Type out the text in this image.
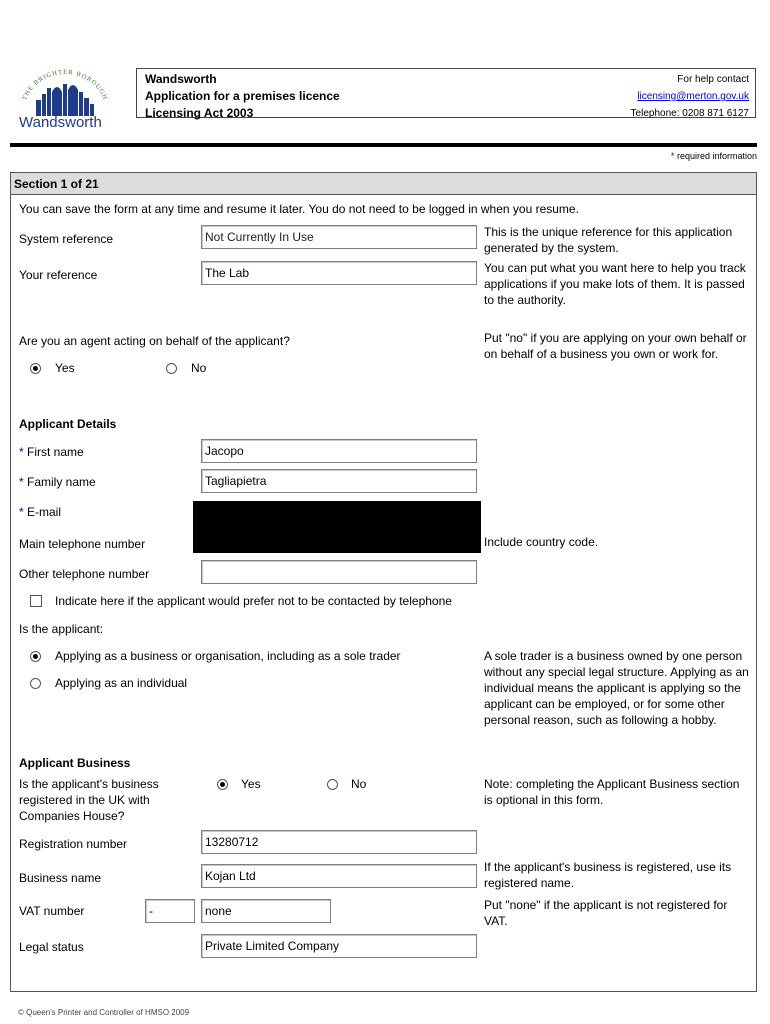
THE BRIGHTER BOROUGH
Wandsworth
Wandsworth
Application for a premises licence
Licensing Act 2003
For help contact
licensing@merton.gov.uk
Telephone: 0208 871 6127
* required information
Section 1 of 21
You can save the form at any time and resume it later. You do not need to be logged in when you resume.
System reference	Not Currently In Use	This is the unique reference for this application generated by the system.
Your reference	The Lab	You can put what you want here to help you track applications if you make lots of them. It is passed to the authority.
Are you an agent acting on behalf of the applicant?
Yes	No
Put "no" if you are applying on your own behalf or on behalf of a business you own or work for.
Applicant Details
* First name	Jacopo
* Family name	Tagliapietra
* E-mail
Main telephone number	Include country code.
Other telephone number
Indicate here if the applicant would prefer not to be contacted by telephone
Is the applicant:
Applying as a business or organisation, including as a sole trader
Applying as an individual
A sole trader is a business owned by one person without any special legal structure. Applying as an individual means the applicant is applying so the applicant can be employed, or for some other personal reason, such as following a hobby.
Applicant Business
Is the applicant's business registered in the UK with Companies House?
Yes	No	Note: completing the Applicant Business section is optional in this form.
Registration number	13280712
Business name	Kojan Ltd
If the applicant's business is registered, use its registered name.
VAT number	-	none	Put "none" if the applicant is not registered for VAT.
Legal status	Private Limited Company
© Queen's Printer and Controller of HMSO 2009
